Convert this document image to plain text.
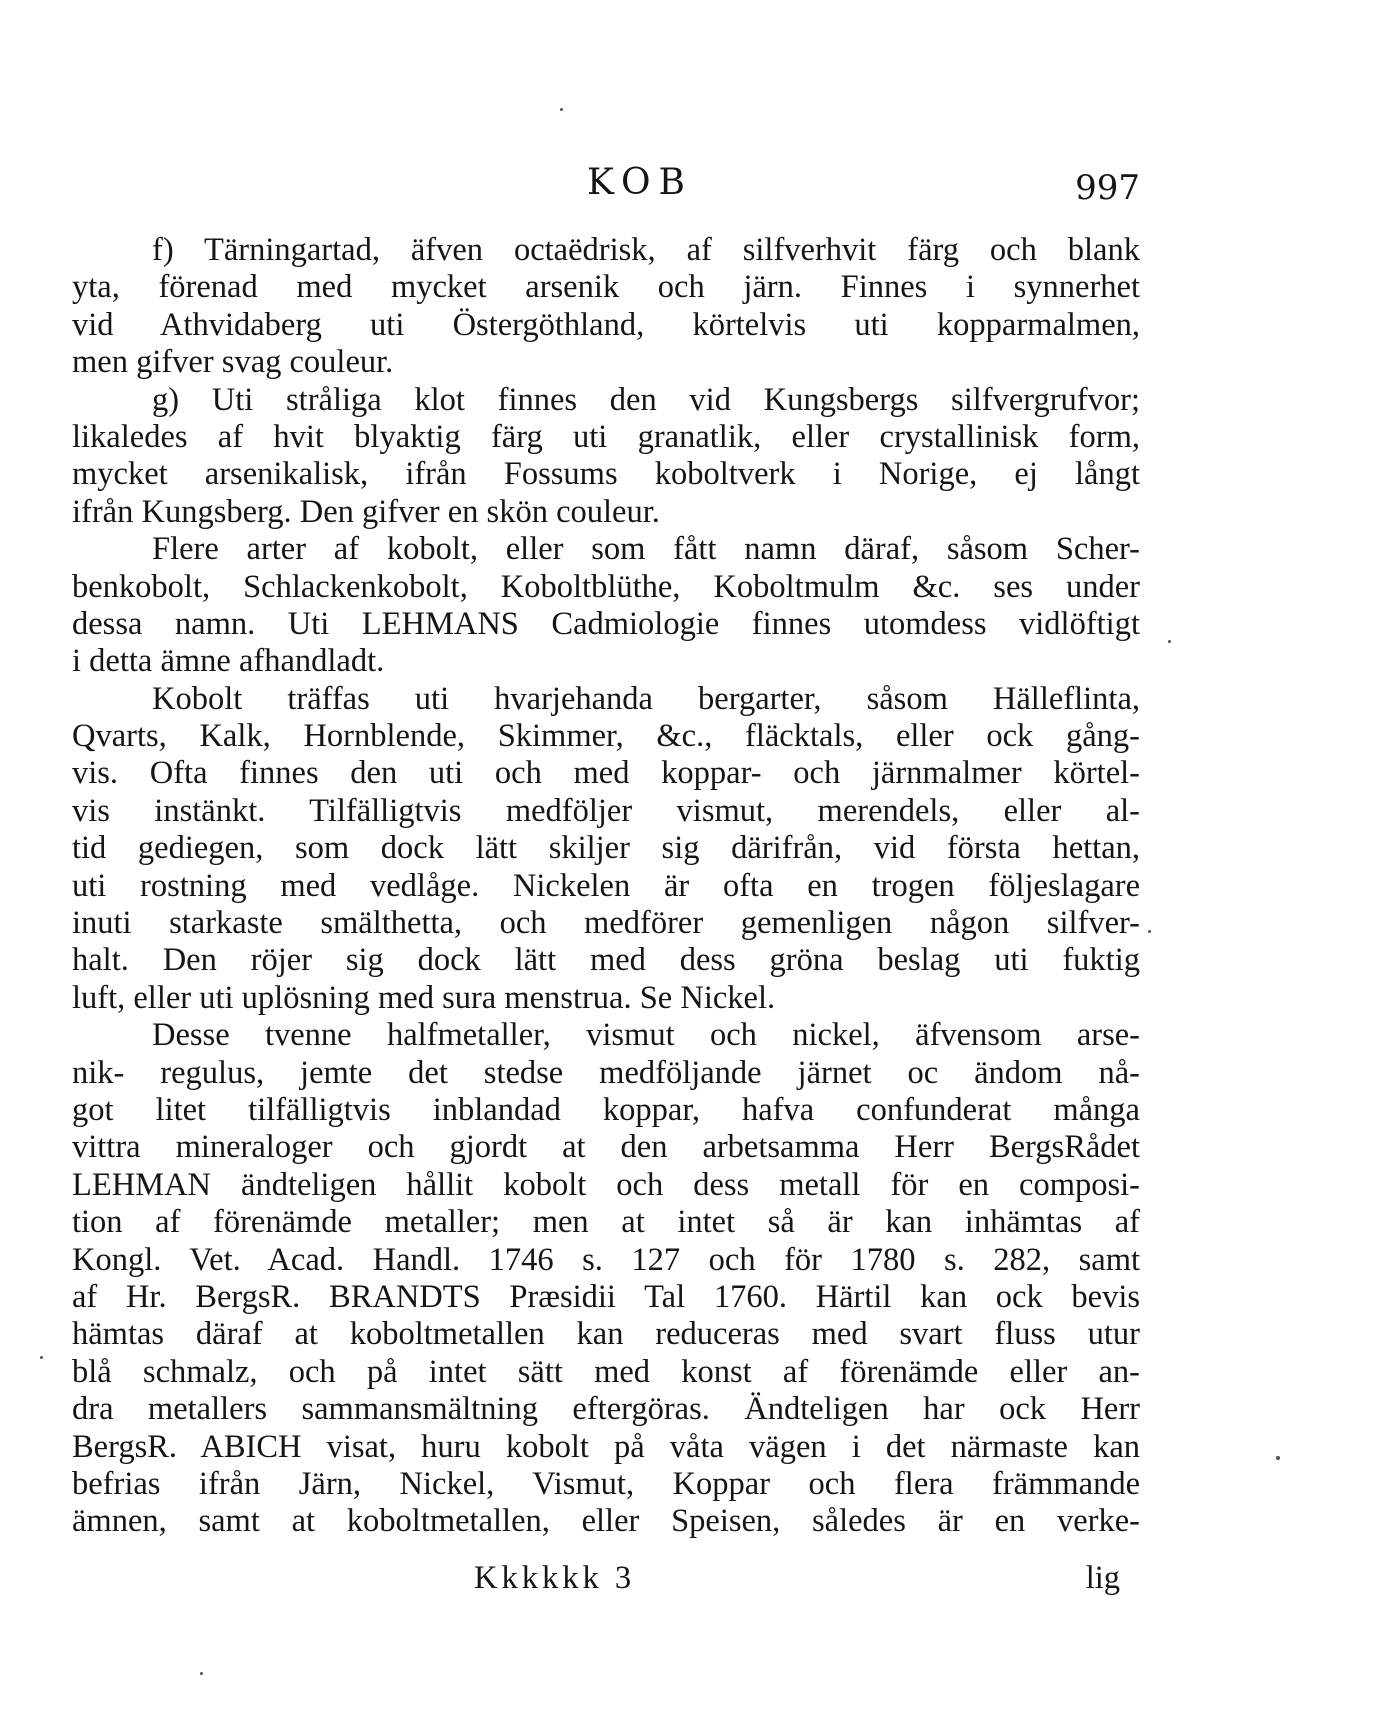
KOB	997
f) Tärningartad, äfven octaëdrisk, af silfverhvit färg och blank
yta, förenad med mycket arsenik och järn. Finnes i synnerhet
vid Athvidaberg uti Östergöthland, körtelvis uti kopparmalmen,
men gifver svag couleur.
g) Uti stråliga klot finnes den vid Kungsbergs silfvergrufvor;
likaledes af hvit blyaktig färg uti granatlik, eller crystallinisk form,
mycket arsenikalisk, ifrån Fossums koboltverk i Norige, ej långt
ifrån Kungsberg. Den gifver en skön couleur.
Flere arter af kobolt, eller som fått namn däraf, såsom Scher-
benkobolt, Schlackenkobolt, Koboltblüthe, Koboltmulm &c. ses under
dessa namn. Uti LEHMANS Cadmiologie finnes utomdess vidlöftigt
i detta ämne afhandladt.
Kobolt träffas uti hvarjehanda bergarter, såsom Hälleflinta,
Qvarts, Kalk, Hornblende, Skimmer, &c., fläcktals, eller ock gång-
vis. Ofta finnes den uti och med koppar- och järnmalmer körtel-
vis instänkt. Tilfälligtvis medföljer vismut, merendels, eller al-
tid gediegen, som dock lätt skiljer sig därifrån, vid första hettan,
uti rostning med vedlåge. Nickelen är ofta en trogen följeslagare
inuti starkaste smälthetta, och medförer gemenligen någon silfver-
halt. Den röjer sig dock lätt med dess gröna beslag uti fuktig
luft, eller uti uplösning med sura menstrua. Se Nickel.
Desse tvenne halfmetaller, vismut och nickel, äfvensom arse-
nik- regulus, jemte det stedse medföljande järnet oc ändom nå-
got litet tilfälligtvis inblandad koppar, hafva confunderat många
vittra mineraloger och gjordt at den arbetsamma Herr BergsRådet
LEHMAN ändteligen hållit kobolt och dess metall för en composi-
tion af förenämde metaller; men at intet så är kan inhämtas af
Kongl. Vet. Acad. Handl. 1746 s. 127 och för 1780 s. 282, samt
af Hr. BergsR. BRANDTS Præsidii Tal 1760. Härtil kan ock bevis
hämtas däraf at koboltmetallen kan reduceras med svart fluss utur
blå schmalz, och på intet sätt med konst af förenämde eller an-
dra metallers sammansmältning eftergöras. Ändteligen har ock Herr
BergsR. ABICH visat, huru kobolt på våta vägen i det närmaste kan
befrias ifrån Järn, Nickel, Vismut, Koppar och flera främmande
ämnen, samt at koboltmetallen, eller Speisen, således är en verke-
Kkkkkk 3	lig
